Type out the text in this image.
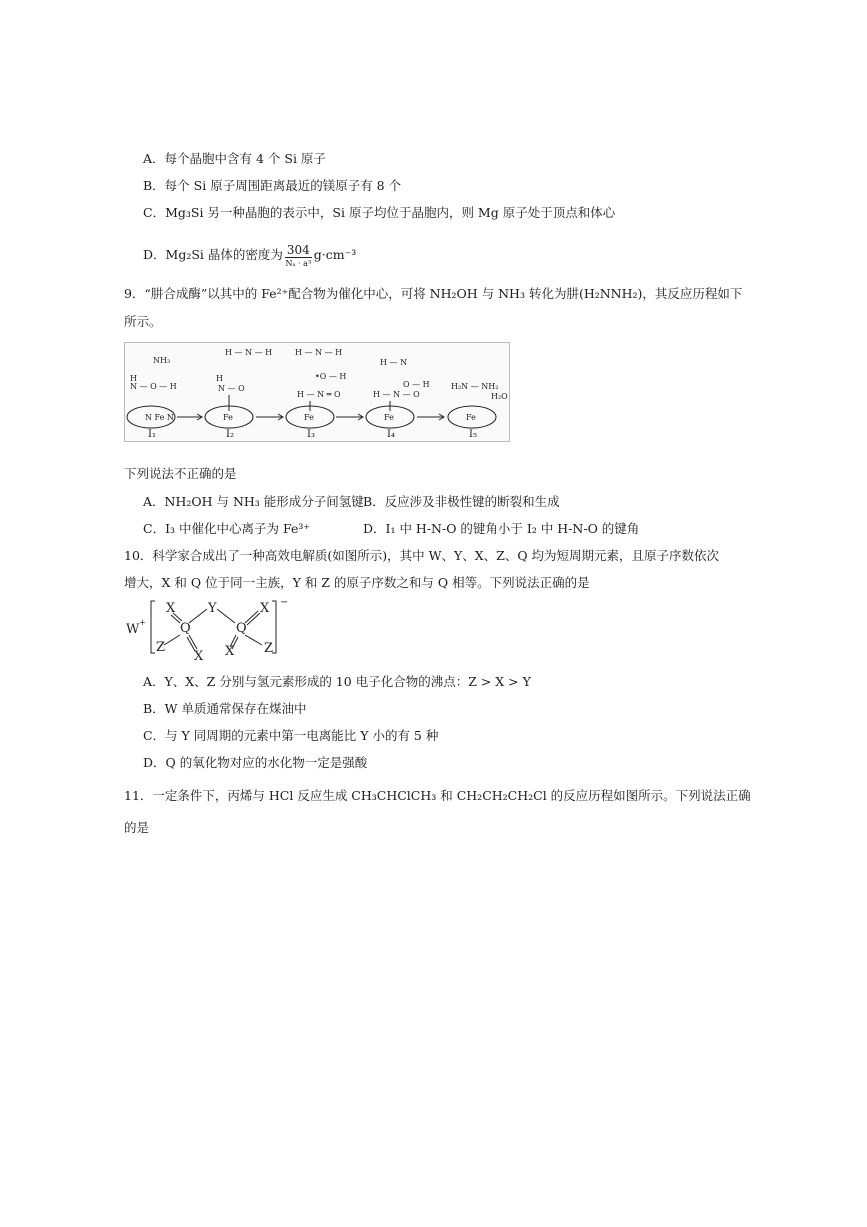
A．每个晶胞中含有 4 个 Si 原子
B．每个 Si 原子周围距离最近的镁原子有 8 个
C．Mg₃Si 另一种晶胞的表示中，Si 原子均位于晶胞内，则 Mg 原子处于顶点和体心
D．Mg₂Si 晶体的密度为 $\frac{304}{\text{Nₐ · a³}} g\cdot cm^{-3}$
9．“肼合成酶”以其中的 Fe²⁺配合物为催化中心，可将 NH₂OH 与 NH₃ 转化为肼(H₂NNH₂)，其反应历程如下
所示。
NH₃
H
N — O — H
H — N — H
H
N — O
H — N — H
•O — H
H — N ═ O
H — N
O — H
H — N — O
H₂N — NH₂
H₂O
N Fe N	Fe	Fe	Fe	Fe
I₁	I₂	I₃	I₄	I₅
下列说法不正确的是
A．NH₂OH 与 NH₃ 能形成分子间氢键 B．反应涉及非极性键的断裂和生成
C．I₃ 中催化中心离子为 Fe³⁺	D．I₁ 中 H-N-O 的键角小于 I₂ 中 H-N-O 的键角
10．科学家合成出了一种高效电解质(如图所示)，其中 W、Y、X、Z、Q 均为短周期元素，且原子序数依次
增大，X 和 Q 位于同一主族，Y 和 Z 的原子序数之和与 Q 相等。下列说法正确的是
W +
X
Q
Y
Q
X
Z
X X Z
−
A．Y、X、Z 分别与氢元素形成的 10 电子化合物的沸点：Z > X > Y
B．W 单质通常保存在煤油中
C．与 Y 同周期的元素中第一电离能比 Y 小的有 5 种
D．Q 的氧化物对应的水化物一定是强酸
11．一定条件下，丙烯与 HCl 反应生成 CH₃CHClCH₃ 和 CH₂CH₂CH₂Cl 的反应历程如图所示。下列说法正确
的是
